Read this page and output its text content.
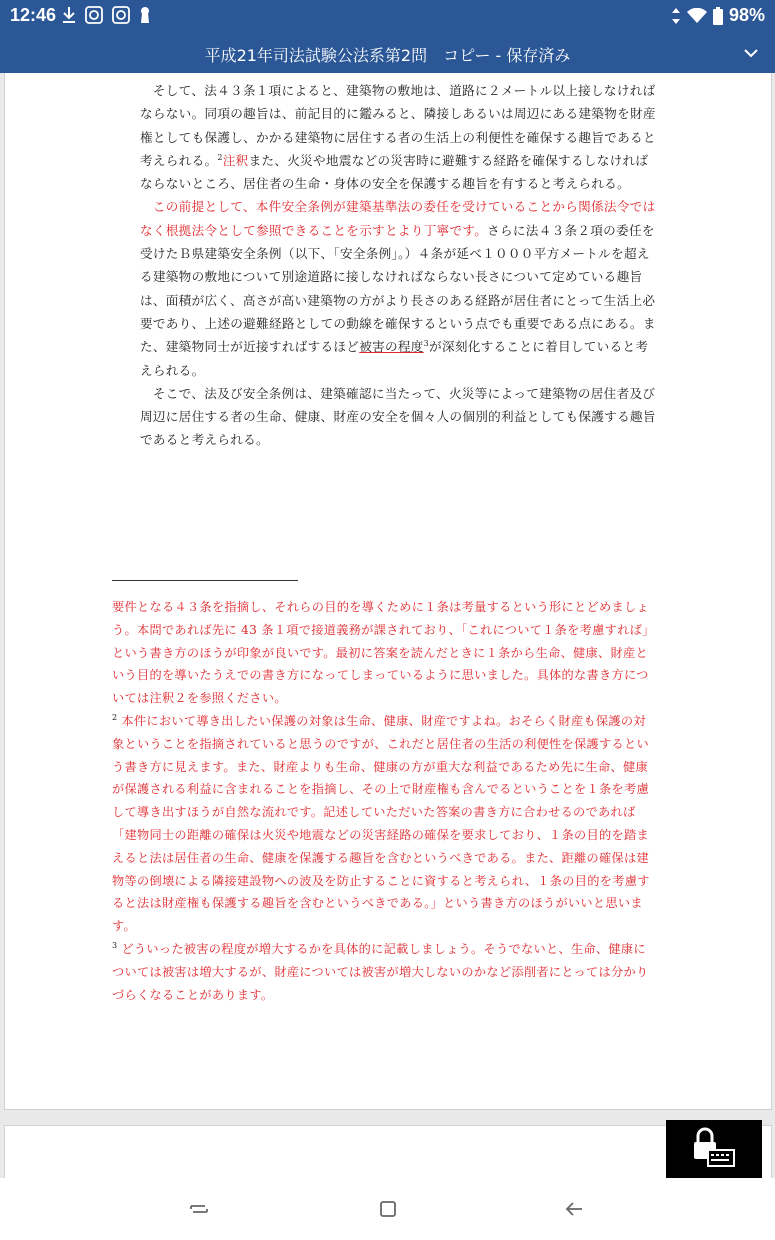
12:46	98%
平成21年司法試験公法系第2問　コピー - 保存済み

　そして、法４３条１項によると、建築物の敷地は、道路に２メートル以上接しなければならない。同項の趣旨は、前記目的に鑑みると、隣接しあるいは周辺にある建築物を財産権としても保護し、かかる建築物に居住する者の生活上の利便性を確保する趣旨であると考えられる。$^2$注釈また、火災や地震などの災害時に避難する経路を確保するしなければならないところ、居住者の生命・身体の安全を保護する趣旨を有すると考えられる。

　この前提として、本件安全条例が建築基準法の委任を受けていることから関係法令ではなく根拠法令として参照できることを示すとより丁寧です。さらに法４３条２項の委任を受けたＢ県建築安全条例（以下、「安全条例」。）４条が延べ１０００平方メートルを超える建築物の敷地について別途道路に接しなければならない長さについて定めている趣旨は、面積が広く、高さが高い建築物の方がより長さのある経路が居住者にとって生活上必要であり、上述の避難経路としての動線を確保するという点でも重要である点にある。また、建築物同士が近接すればするほど被害の程度$^3$が深刻化することに着目していると考えられる。

　そこで、法及び安全条例は、建築確認に当たって、火災等によって建築物の居住者及び周辺に居住する者の生命、健康、財産の安全を個々人の個別的利益としても保護する趣旨であると考えられる。

要件となる４３条を指摘し、それらの目的を導くために１条は考量するという形にとどめましょう。本問であれば先に 43 条１項で接道義務が課されており、「これについて１条を考慮すれば」という書き方のほうが印象が良いです。最初に答案を読んだときに１条から生命、健康、財産という目的を導いたうえでの書き方になってしまっているように思いました。具体的な書き方については注釈２を参照ください。

$^2$ 本件において導き出したい保護の対象は生命、健康、財産ですよね。おそらく財産も保護の対象ということを指摘されていると思うのですが、これだと居住者の生活の利便性を保護するという書き方に見えます。また、財産よりも生命、健康の方が重大な利益であるため先に生命、健康が保護される利益に含まれることを指摘し、その上で財産権も含んでるということを１条を考慮して導き出すほうが自然な流れです。記述していただいた答案の書き方に合わせるのであれば「建物同士の距離の確保は火災や地震などの災害経路の確保を要求しており、１条の目的を踏まえると法は居住者の生命、健康を保護する趣旨を含むというべきである。また、距離の確保は建物等の倒壊による隣接建設物への波及を防止することに資すると考えられ、１条の目的を考慮すると法は財産権も保護する趣旨を含むというべきである。」という書き方のほうがいいと思います。

$^3$ どういった被害の程度が増大するかを具体的に記載しましょう。そうでないと、生命、健康については被害は増大するが、財産については被害が増大しないのかなど添削者にとっては分かりづらくなることがあります。
